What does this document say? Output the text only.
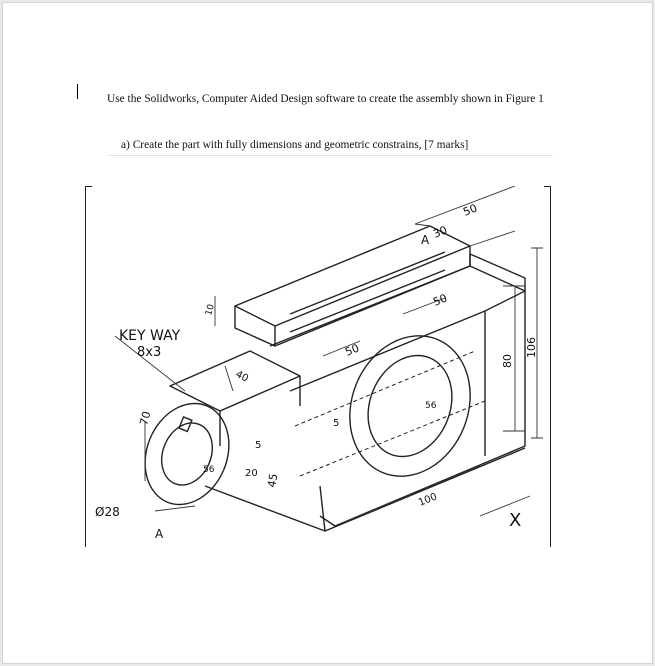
Use the Solidworks, Computer Aided Design software to create the assembly shown in Figure 1
a) Create the part with fully dimensions and geometric constrains, [7 marks]
KEY WAY
8x3
50
30
A
50
50
40
10
70
56
5
20 45
5
56
80
106
100
Ø28
A
X
